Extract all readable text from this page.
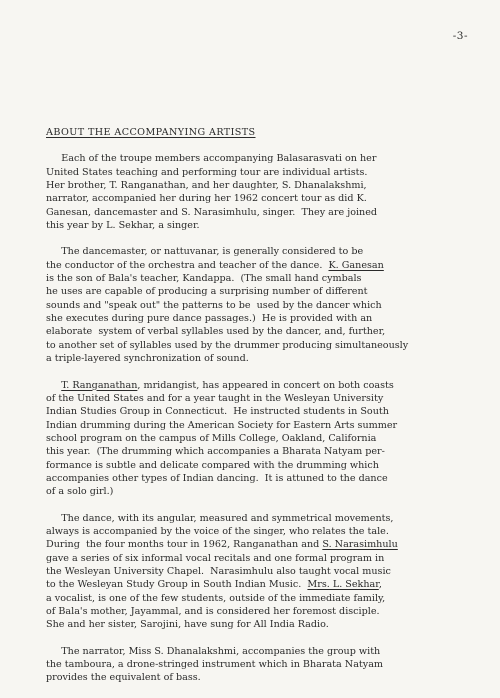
-3-
ABOUT THE ACCOMPANYING ARTISTS
Each of the troupe members accompanying Balasarasvati on her
United States teaching and performing tour are individual artists.
Her brother, T. Ranganathan, and her daughter, S. Dhanalakshmi,
narrator, accompanied her during her 1962 concert tour as did K.
Ganesan, dancemaster and S. Narasimhulu, singer.  They are joined
this year by L. Sekhar, a singer.
The dancemaster, or nattuvanar, is generally considered to be
the conductor of the orchestra and teacher of the dance.  K. Ganesan
is the son of Bala's teacher, Kandappa.  (The small hand cymbals
he uses are capable of producing a surprising number of different
sounds and "speak out" the patterns to be  used by the dancer which
she executes during pure dance passages.)  He is provided with an
elaborate  system of verbal syllables used by the dancer, and, further,
to another set of syllables used by the drummer producing simultaneously
a triple-layered synchronization of sound.
T. Ranganathan, mridangist, has appeared in concert on both coasts
of the United States and for a year taught in the Wesleyan University
Indian Studies Group in Connecticut.  He instructed students in South
Indian drumming during the American Society for Eastern Arts summer
school program on the campus of Mills College, Oakland, California
this year.  (The drumming which accompanies a Bharata Natyam per-
formance is subtle and delicate compared with the drumming which
accompanies other types of Indian dancing.  It is attuned to the dance
of a solo girl.)
The dance, with its angular, measured and symmetrical movements,
always is accompanied by the voice of the singer, who relates the tale.
During  the four months tour in 1962, Ranganathan and S. Narasimhulu
gave a series of six informal vocal recitals and one formal program in
the Wesleyan University Chapel.  Narasimhulu also taught vocal music
to the Wesleyan Study Group in South Indian Music.  Mrs. L. Sekhar,
a vocalist, is one of the few students, outside of the immediate family,
of Bala's mother, Jayammal, and is considered her foremost disciple.
She and her sister, Sarojini, have sung for All India Radio.
The narrator, Miss S. Dhanalakshmi, accompanies the group with
the tamboura, a drone-stringed instrument which in Bharata Natyam
provides the equivalent of bass.
